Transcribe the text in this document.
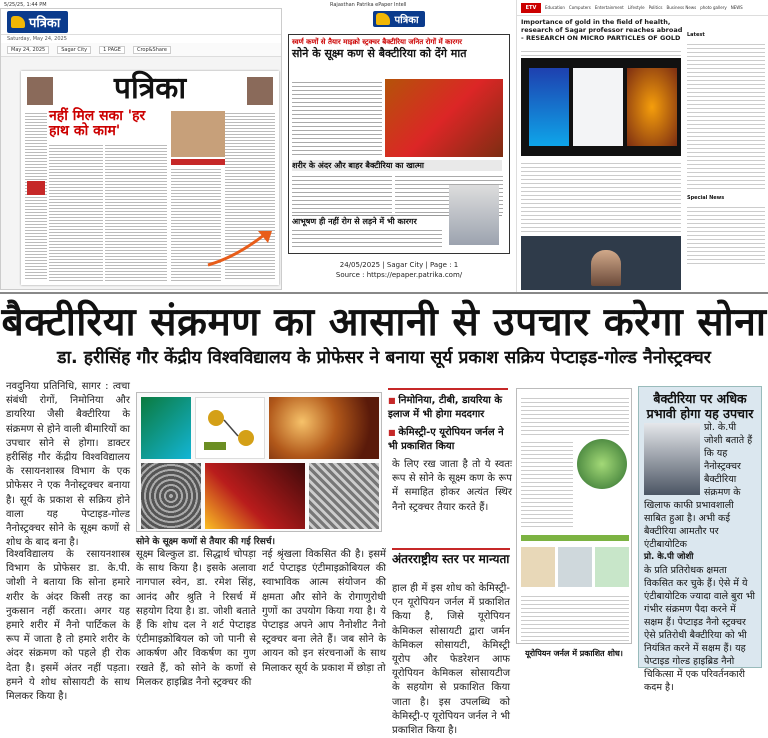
5/25/25, 1:44 PM	Rajasthan Patrika ePaper Intell
पत्रिका
Saturday, May 24, 2025
May 24, 2025	Sagar City	1 PAGE	Crop&Share
पत्रिका
नहीं मिल सका 'हर हाथ को काम'
पत्रिका
स्वर्ण कणों से तैयार माइक्रो स्ट्रक्चर बैक्टीरिया जनित रोगों में कारगर
सोने के सूक्ष्म कण से बैक्टीरिया को देंगे मात
शरीर के अंदर और बाहर बैक्टीरिया का खात्मा
आभूषण ही नहीं रोग से लड़ने में भी कारगर
24/05/2025 | Sagar City | Page : 1
Source : https://epaper.patrika.com/
ETV	Education Computers Entertainment Lifestyle Politics Business News photo gallery NEWS
Importance of gold in the field of health, research of Sagar professor reaches abroad - RESEARCH ON MICRO PARTICLES OF GOLD	Latest
Special News
बैक्टीरिया संक्रमण का आसानी से उपचार करेगा सोना
डा. हरीसिंह गौर केंद्रीय विश्वविद्यालय के प्रोफेसर ने बनाया सूर्य प्रकाश सक्रिय पेप्टाइड-गोल्ड नैनोस्ट्रक्चर
नवदुनिया प्रतिनिधि, सागर : त्वचा संबंधी रोगों, निमोनिया और डायरिया जैसी बैक्टीरिया के संक्रमण से होने वाली बीमारियों का उपचार सोने से होगा। डाक्टर हरीसिंह गौर केंद्रीय विश्वविद्यालय के रसायनशास्त्र विभाग के एक प्रोफेसर ने एक नैनोस्ट्रक्चर बनाया है। सूर्य के प्रकाश से सक्रिय होने वाला यह पेप्टाइड-गोल्ड नैनोस्ट्रक्चर सोने के सूक्ष्म कणों से शोध के बाद बना है।
विश्वविद्यालय के रसायनशास्त्र विभाग के प्रोफेसर डा. के.पी. जोशी ने बताया कि सोना हमारे शरीर के अंदर किसी तरह का नुकसान नहीं करता। अगर यह हमारे शरीर में नैनो पार्टिकल के रूप में जाता है तो हमारे शरीर के अंदर संक्रमण को पहले ही रोक देता है। इसमें अंतर नहीं पड़ता। हमने ये शोध सोसायटी के साथ मिलकर किया है।
सोने के सूक्ष्म कणों से तैयार की गई रिसर्च।
सूक्ष्म बिल्कुल डा. सिद्धार्थ चोपड़ा के साथ किया है। इसके अलावा नागपाल स्वेन, डा. रमेश सिंह, आनंद और श्रुति ने रिसर्च में सहयोग दिया है। डा. जोशी बताते हैं कि शोध दल ने शर्ट पेप्टाइड एंटीमाइक्रोबियल को जो पानी से आकर्षण और विकर्षण का गुण रखते हैं, को सोने के कणों से मिलकर हाइब्रिड नैनो स्ट्रक्चर की
नई श्रृंखला विकसित की है। इसमें शर्ट पेप्टाइड एंटीमाइक्रोबियल की स्वाभाविक आत्म संयोजन की क्षमता और सोने के रोगाणुरोधी गुणों का उपयोग किया गया है। ये पेप्टाइड अपने आप नैनोशीट नैनो स्ट्रक्चर बना लेते हैं। जब सोने के आयन को इन संरचनाओं के साथ मिलाकर सूर्य के प्रकाश में छोड़ा तो
■ निमोनिया, टीबी, डायरिया के इलाज में भी होगा मददगार
■ केमिस्ट्री-ए यूरोपियन जर्नल ने भी प्रकाशित किया
के लिए रख जाता है तो ये स्वतः रूप से सोने के सूक्ष्म कण के रूप में समाहित होकर अत्यंत स्थिर नैनो स्ट्रक्चर तैयार करते हैं।
अंतरराष्ट्रीय स्तर पर मान्यता
हाल ही में इस शोध को केमिस्ट्री-एन यूरोपियन जर्नल में प्रकाशित किया है, जिसे यूरोपियन केमिकल सोसायटी द्वारा जर्मन केमिकल सोसायटी, केमिस्ट्री यूरोप और फेडरेशन आफ यूरोपियन केमिकल सोसायटीज के सहयोग से प्रकाशित किया जाता है। इस उपलब्धि को केमिस्ट्री-ए यूरोपियन जर्नल ने भी प्रकाशित किया है।
यूरोपियन जर्नल में प्रकाशित शोध।
बैक्टीरिया पर अधिक प्रभावी होगा यह उपचार
प्रो. के.पी जोशी बताते हैं कि यह नैनोस्ट्रक्चर बैक्टीरिया संक्रमण के खिलाफ काफी प्रभावशाली साबित हुआ है। अभी कई बैक्टीरिया आमतौर पर एंटीबायोटिक
प्रो. के.पी जोशी
के प्रति प्रतिरोधक क्षमता विकसित कर चुके हैं। ऐसे में ये एंटीबायोटिक ज्यादा वाले बुरा भी गंभीर संक्रमण पैदा करने में सक्षम हैं। पेप्टाइड नैनो स्ट्रक्चर ऐसे प्रतिरोधी बैक्टीरिया को भी नियंत्रित करने में सक्षम हैं। यह पेप्टाइड गोल्ड हाइब्रिड नैनो चिकित्सा में एक परिवर्तनकारी कदम है।
